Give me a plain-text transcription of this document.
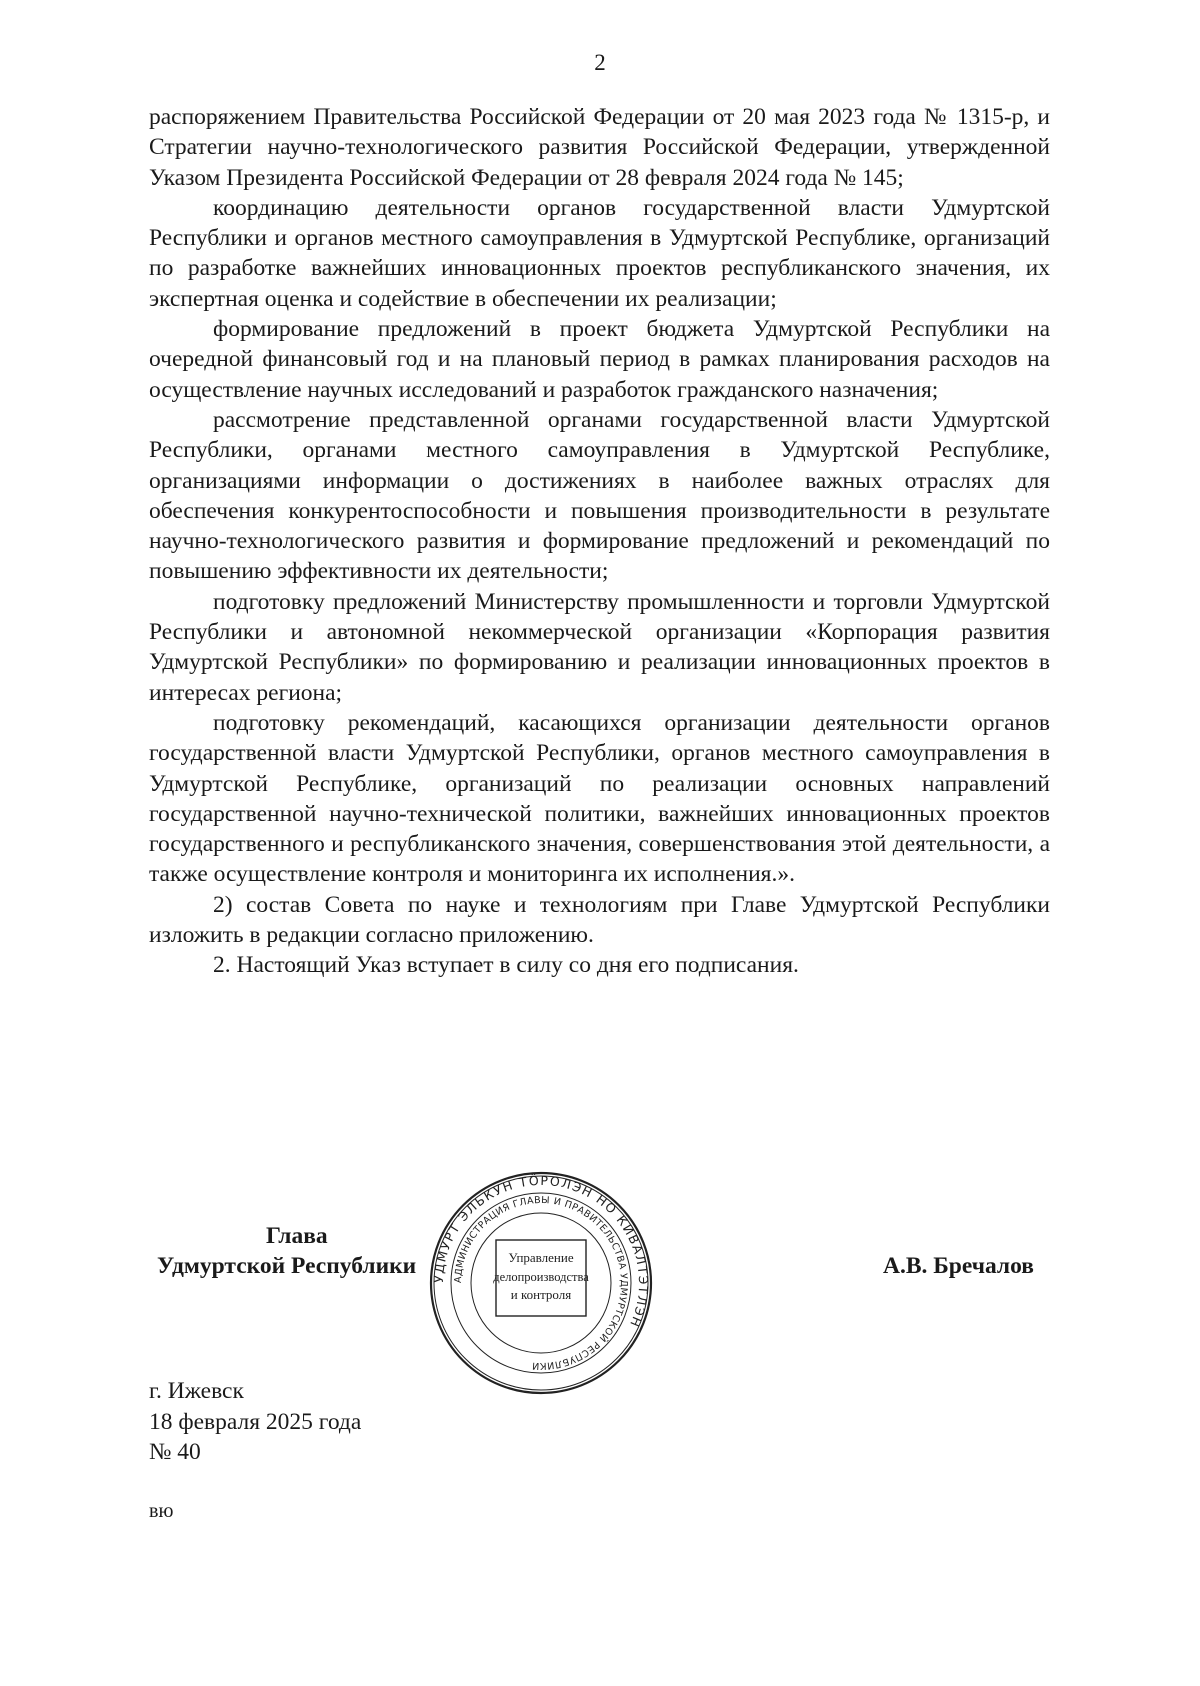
2

распоряжением Правительства Российской Федерации от 20 мая 2023 года № 1315-р, и Стратегии научно-технологического развития Российской Федерации, утвержденной Указом Президента Российской Федерации от 28 февраля 2024 года № 145;

координацию деятельности органов государственной власти Удмуртской Республики и органов местного самоуправления в Удмуртской Республике, организаций по разработке важнейших инновационных проектов республиканского значения, их экспертная оценка и содействие в обеспечении их реализации;

формирование предложений в проект бюджета Удмуртской Республики на очередной финансовый год и на плановый период в рамках планирования расходов на осуществление научных исследований и разработок гражданского назначения;

рассмотрение представленной органами государственной власти Удмуртской Республики, органами местного самоуправления в Удмуртской Республике, организациями информации о достижениях в наиболее важных отраслях для обеспечения конкурентоспособности и повышения производительности в результате научно-технологического развития и формирование предложений и рекомендаций по повышению эффективности их деятельности;

подготовку предложений Министерству промышленности и торговли Удмуртской Республики и автономной некоммерческой организации «Корпорация развития Удмуртской Республики» по формированию и реализации инновационных проектов в интересах региона;

подготовку рекомендаций, касающихся организации деятельности органов государственной власти Удмуртской Республики, органов местного самоуправления в Удмуртской Республике, организаций по реализации основных направлений государственной научно-технической политики, важнейших инновационных проектов государственного и республиканского значения, совершенствования этой деятельности, а также осуществление контроля и мониторинга их исполнения.».

2) состав Совета по науке и технологиям при Главе Удмуртской Республики изложить в редакции согласно приложению.

2. Настоящий Указ вступает в силу со дня его подписания.

Глава
Удмуртской Республики	А.В. Бречалов
УДМУРТ ЭЛЬКУН ТӦРОЛЭН НО КИВАЛТЭТЛЭН
АДМИНИСТРАЦИЯ ГЛАВЫ И ПРАВИТЕЛЬСТВА УДМУРТСКОЙ РЕСПУБЛИКИ
Управление
делопроизводства
и контроля
г. Ижевск
18 февраля 2025 года
№ 40
вю
